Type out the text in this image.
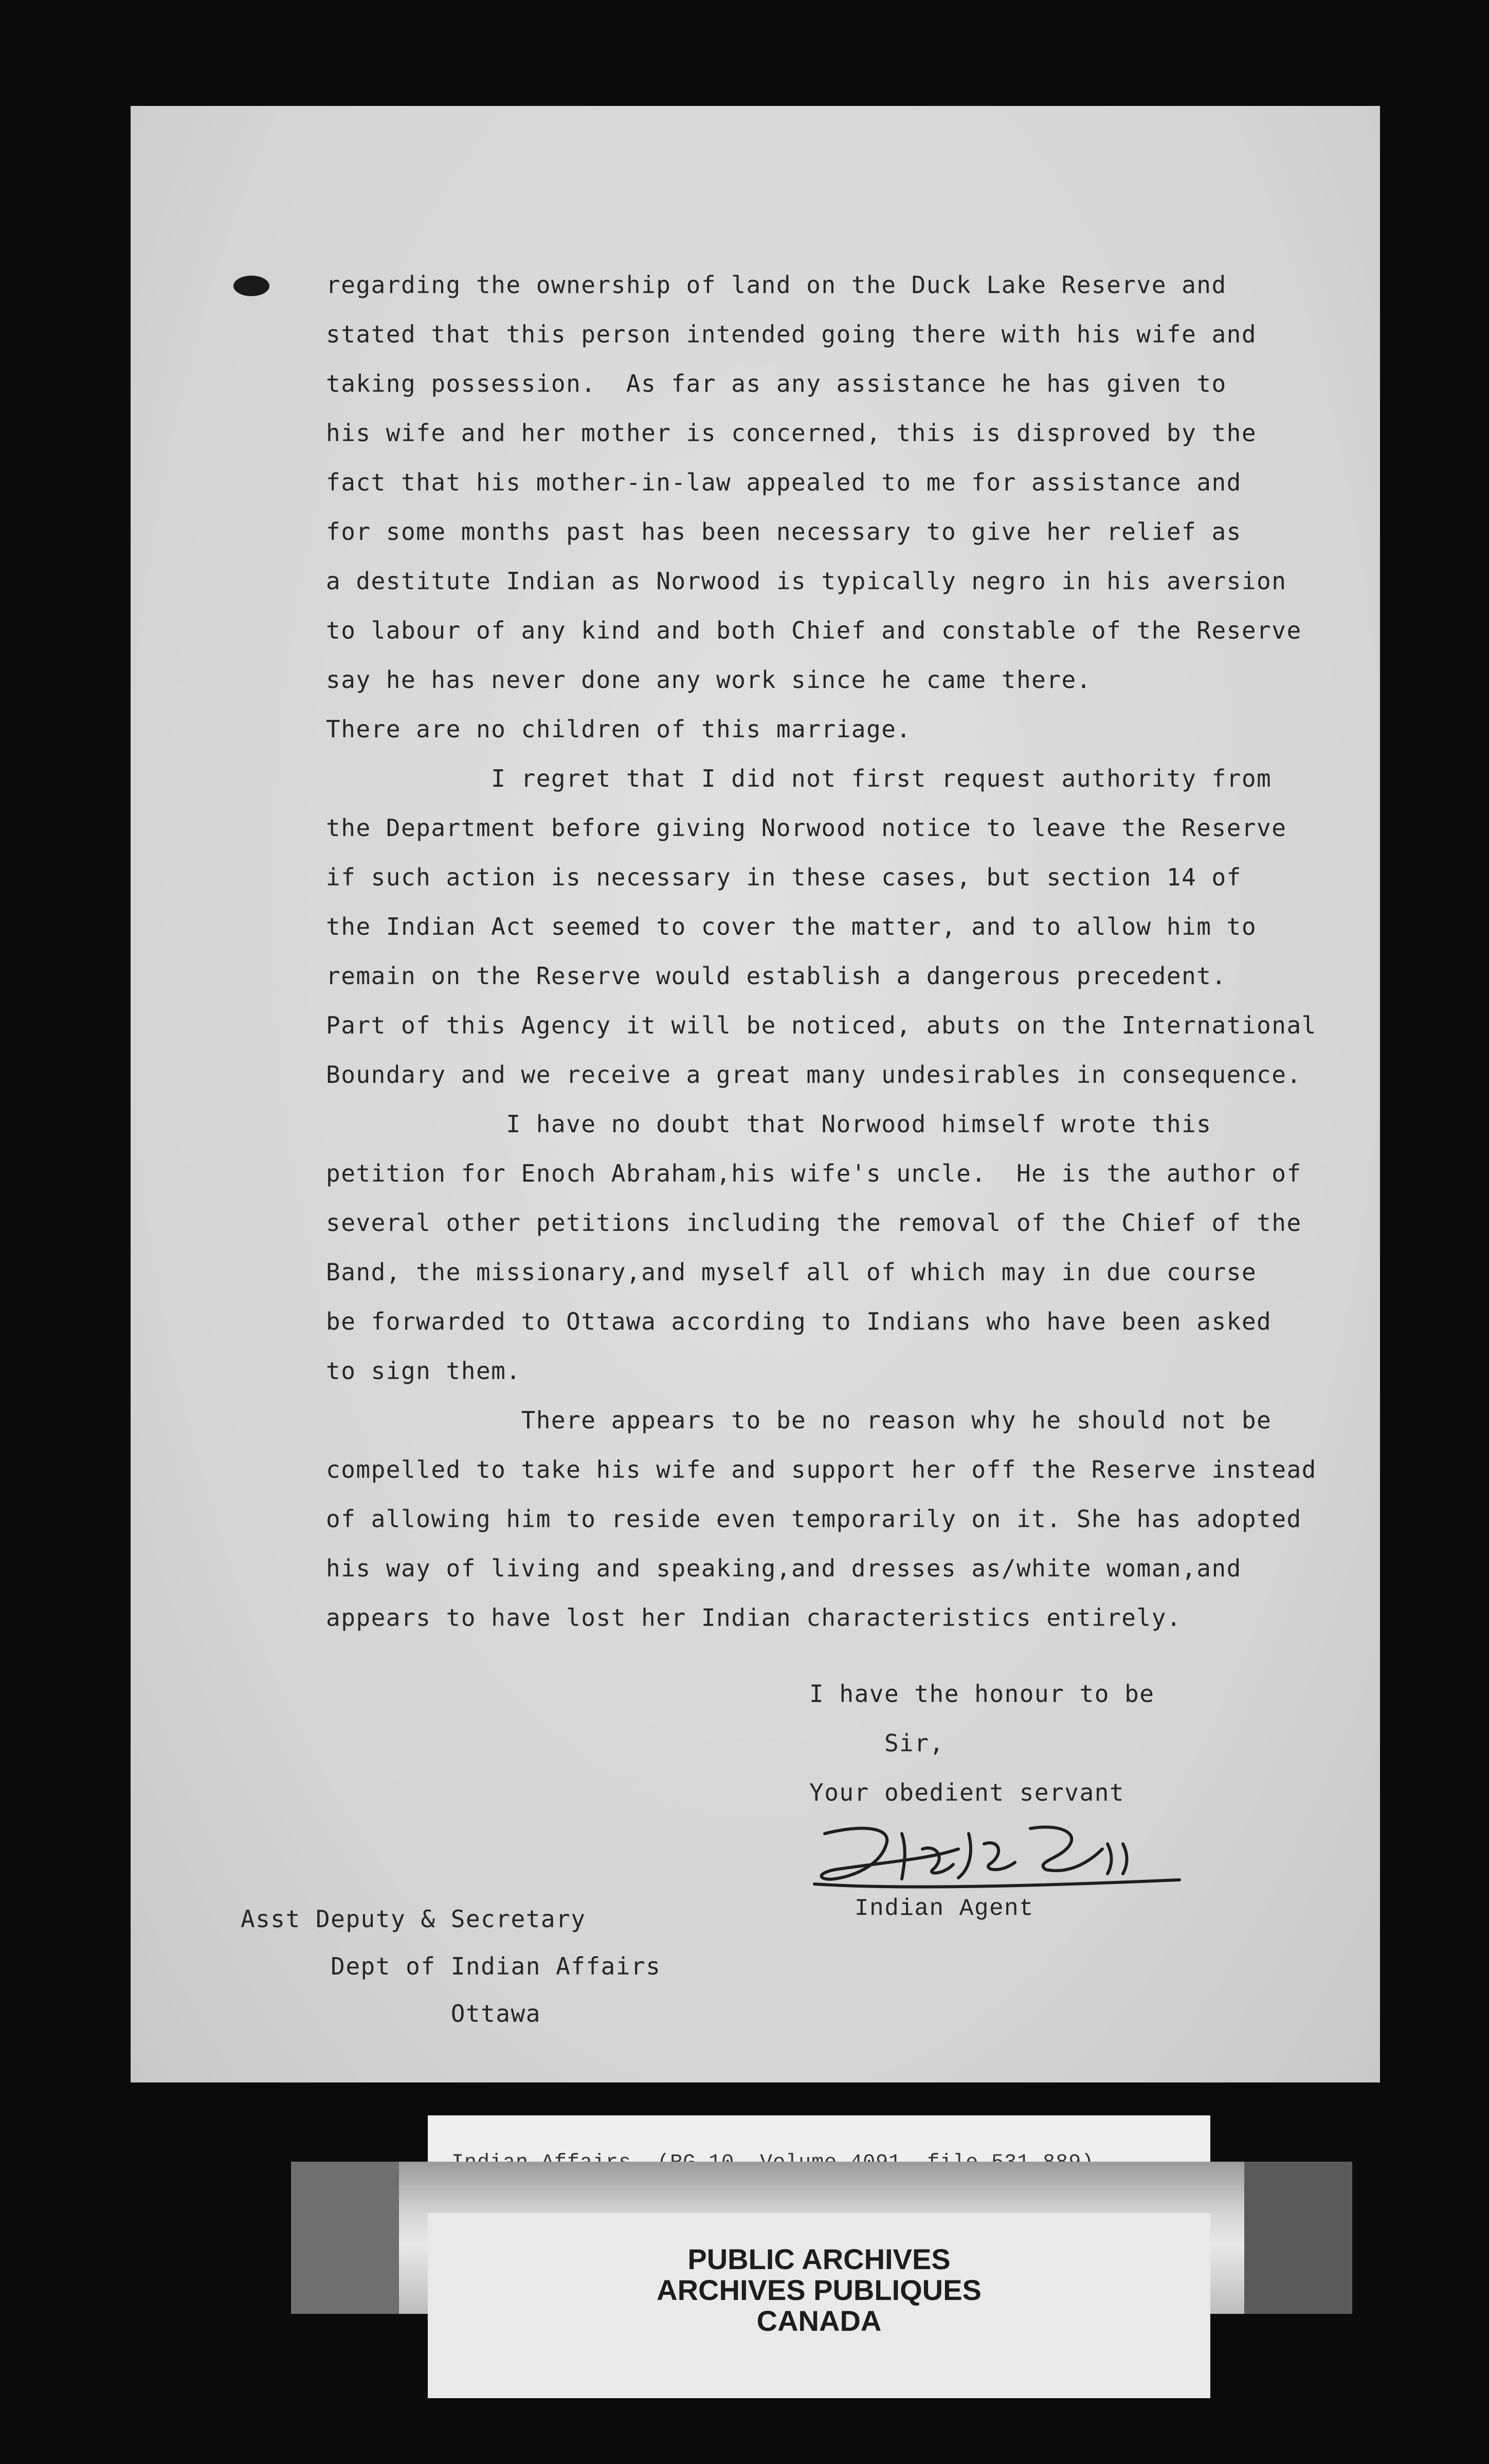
regarding the ownership of land on the Duck Lake Reserve and
stated that this person intended going there with his wife and
taking possession.  As far as any assistance he has given to
his wife and her mother is concerned, this is disproved by the
fact that his mother-in-law appealed to me for assistance and
for some months past has been necessary to give her relief as
a destitute Indian as Norwood is typically negro in his aversion
to labour of any kind and both Chief and constable of the Reserve
say he has never done any work since he came there.
There are no children of this marriage.
I regret that I did not first request authority from
the Department before giving Norwood notice to leave the Reserve
if such action is necessary in these cases, but section 14 of
the Indian Act seemed to cover the matter, and to allow him to
remain on the Reserve would establish a dangerous precedent.
Part of this Agency it will be noticed, abuts on the International
Boundary and we receive a great many undesirables in consequence.
I have no doubt that Norwood himself wrote this
petition for Enoch Abraham,his wife's uncle.  He is the author of
several other petitions including the removal of the Chief of the
Band, the missionary,and myself all of which may in due course
be forwarded to Ottawa according to Indians who have been asked
to sign them.
There appears to be no reason why he should not be
compelled to take his wife and support her off the Reserve instead
of allowing him to reside even temporarily on it. She has adopted
his way of living and speaking,and dresses as/white woman,and
appears to have lost her Indian characteristics entirely.
I have the honour to be
Sir,
Your obedient servant
Indian Agent
Asst Deputy & Secretary
Dept of Indian Affairs
Ottawa
PUBLIC ARCHIVES
ARCHIVES PUBLIQUES
CANADA
